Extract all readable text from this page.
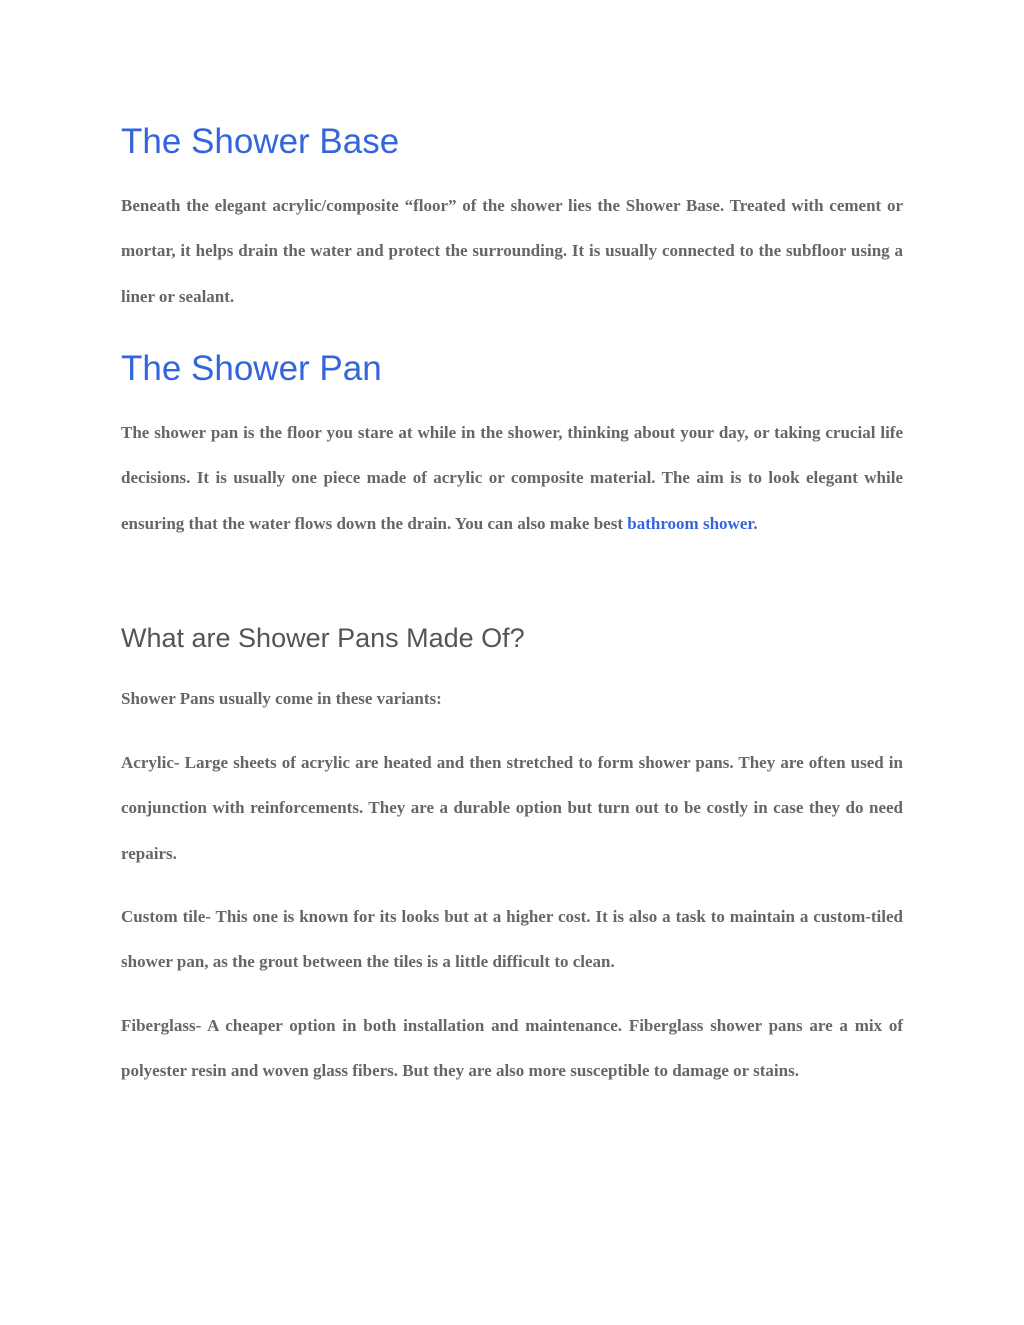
The Shower Base

Beneath the elegant acrylic/composite “floor” of the shower lies the Shower Base. Treated with cement or mortar, it helps drain the water and protect the surrounding. It is usually connected to the subfloor using a liner or sealant.

The Shower Pan

The shower pan is the floor you stare at while in the shower, thinking about your day, or taking crucial life decisions. It is usually one piece made of acrylic or composite material. The aim is to look elegant while ensuring that the water flows down the drain. You can also make best bathroom shower.

What are Shower Pans Made Of?

Shower Pans usually come in these variants:

Acrylic- Large sheets of acrylic are heated and then stretched to form shower pans. They are often used in conjunction with reinforcements. They are a durable option but turn out to be costly in case they do need repairs.

Custom tile- This one is known for its looks but at a higher cost. It is also a task to maintain a custom-tiled shower pan, as the grout between the tiles is a little difficult to clean.

Fiberglass- A cheaper option in both installation and maintenance. Fiberglass shower pans are a mix of polyester resin and woven glass fibers. But they are also more susceptible to damage or stains.
